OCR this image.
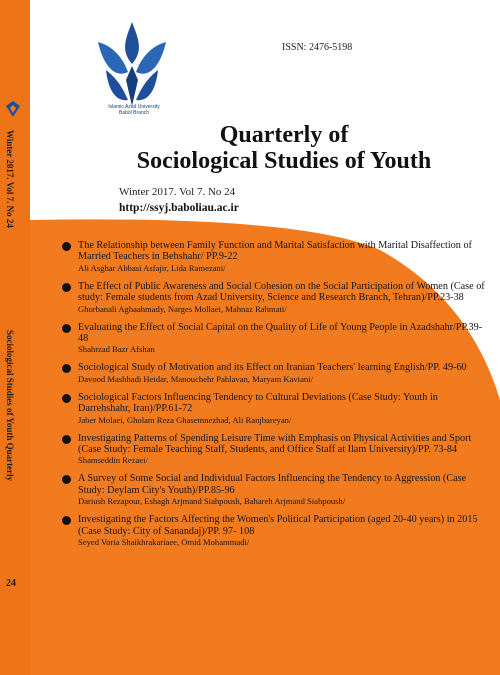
Winter 2017. Vol 7. No 24
Sociological Studies of Youth Quarterly
24
Islamic Azad University Babol Branch
ISSN: 2476-5198
Quarterly of
Sociological Studies of Youth
Winter 2017. Vol 7. No 24
http://ssyj.baboliau.ac.ir
The Relationship between Family Function and Marital Satisfaction with Marital Disaffection of Married Teachers in Behshahr/ PP.9-22
Ali Asghar Abbasi Asfajir, Lida Ramezani/
The Effect of Public Awareness and Social Cohesion on the Social Participation of Women (Case of study: Female students from Azad University, Science and Research Branch, Tehran)/PP.23-38
Ghorbanali Aghaahmady, Narges Mollaei, Mahnaz Rahmati/
Evaluating the Effect of Social Capital on the Quality of Life of Young People in Azadshahr/PP.39-48
Shahrzad Bazr Afshan
Sociological Study of Motivation and its Effect on Iranian Teachers' learning English/PP. 49-60
Davood Mashhadi Heidar, Manouchehr Pahlavan, Maryam Kaviani/
Sociological Factors Influencing Tendency to Cultural Deviations (Case Study: Youth in Darrehshahr, Iran)/PP.61-72
Jaber Molaei, Gholam Reza Ghasemnezhad, Ali Ranjbareyan/
Investigating Patterns of Spending Leisure Time with Emphasis on Physical Activities and Sport (Case Study: Female Teaching Staff, Students, and Office Staff at Ilam University)/PP. 73-84
Shamseddin Rezaei/
A Survey of Some Social and Individual Factors Influencing the Tendency to Aggression (Case Study: Deylam City's Youth)/PP.85-96
Dariush Rezapour, Eshagh Arjmand Siahpoush, Bahareh Arjmand Siahpoush/
Investigating the Factors Affecting the Women's Political Participation (aged 20-40 years) in 2015 (Case Study: City of Sanandaj)/PP. 97- 108
Seyed Voria Shaikhrakariaee, Omid Mohammadi/
